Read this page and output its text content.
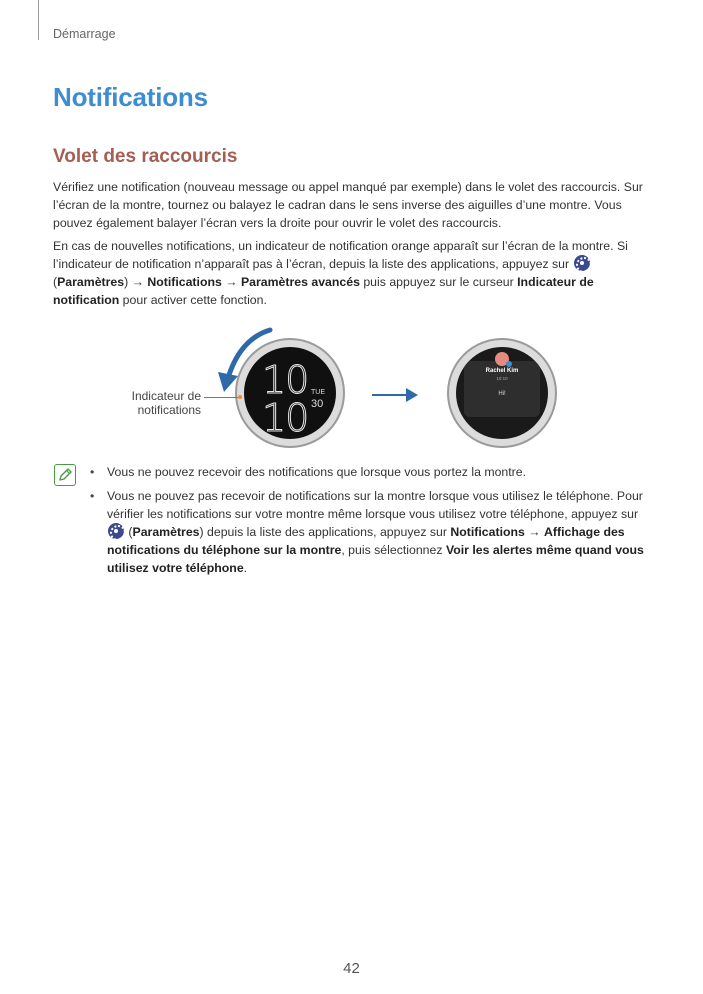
Démarrage
Notifications
Volet des raccourcis

Vérifiez une notification (nouveau message ou appel manqué par exemple) dans le volet des raccourcis. Sur l’écran de la montre, tournez ou balayez le cadran dans le sens inverse des aiguilles d’une montre. Vous pouvez également balayer l’écran vers la droite pour ouvrir le volet des raccourcis.

En cas de nouvelles notifications, un indicateur de notification orange apparaît sur l’écran de la montre. Si l’indicateur de notification n’apparaît pas à l’écran, depuis la liste des applications, appuyez sur  (Paramètres) → Notifications → Paramètres avancés puis appuyez sur le curseur Indicateur de notification pour activer cette fonction.

10
10
TUE
30
Indicateur de
notifications
Rachel Kim
10:10
Hi!
• Vous ne pouvez recevoir des notifications que lorsque vous portez la montre.
• Vous ne pouvez pas recevoir de notifications sur la montre lorsque vous utilisez le téléphone. Pour vérifier les notifications sur votre montre même lorsque vous utilisez votre téléphone, appuyez sur  (Paramètres) depuis la liste des applications, appuyez sur Notifications → Affichage des notifications du téléphone sur la montre, puis sélectionnez Voir les alertes même quand vous utilisez votre téléphone.
42
